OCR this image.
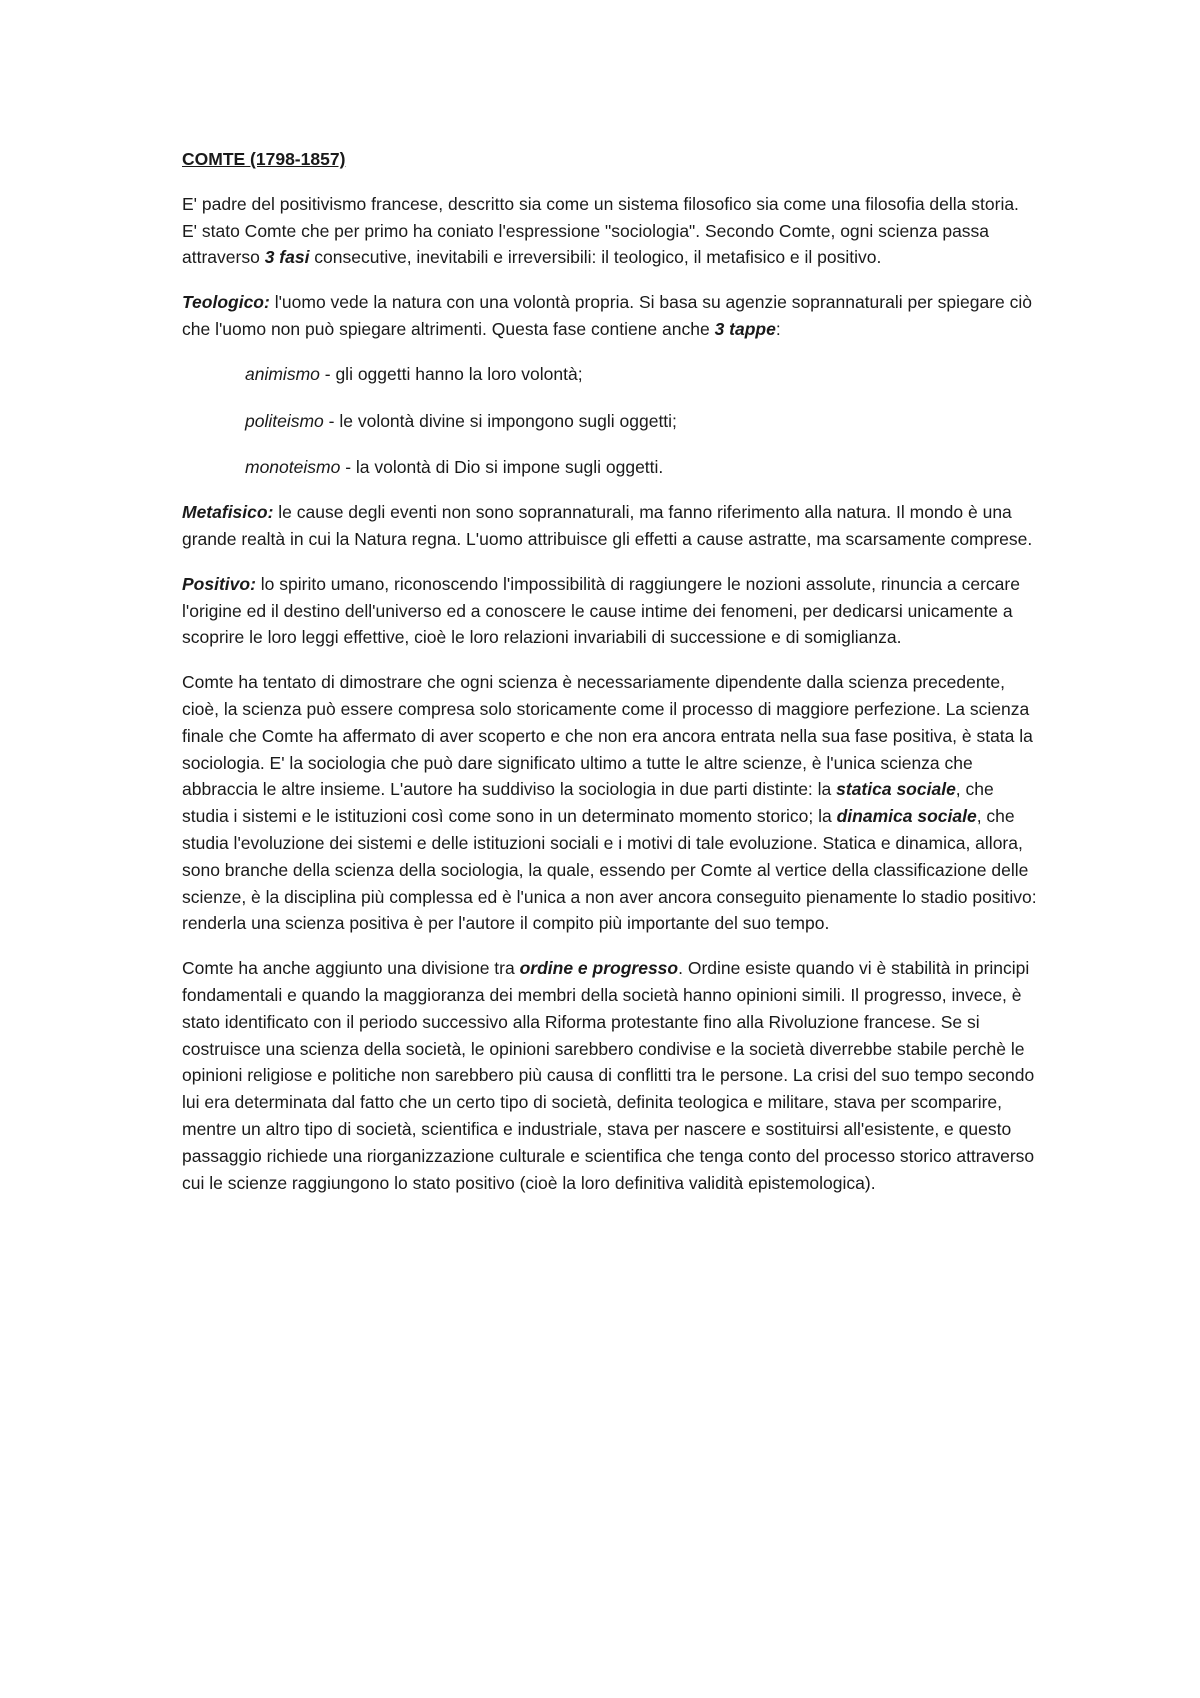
COMTE (1798-1857)

E' padre del positivismo francese, descritto sia come un sistema filosofico sia come una filosofia della storia. E' stato Comte che per primo ha coniato l'espressione "sociologia". Secondo Comte, ogni scienza passa attraverso 3 fasi consecutive, inevitabili e irreversibili: il teologico, il metafisico e il positivo.

Teologico: l'uomo vede la natura con una volontà propria. Si basa su agenzie soprannaturali per spiegare ciò che l'uomo non può spiegare altrimenti. Questa fase contiene anche 3 tappe:

animismo - gli oggetti hanno la loro volontà;

politeismo - le volontà divine si impongono sugli oggetti;

monoteismo - la volontà di Dio si impone sugli oggetti.

Metafisico: le cause degli eventi non sono soprannaturali, ma fanno riferimento alla natura. Il mondo è una grande realtà in cui la Natura regna. L'uomo attribuisce gli effetti a cause astratte, ma scarsamente comprese.

Positivo: lo spirito umano, riconoscendo l'impossibilità di raggiungere le nozioni assolute, rinuncia a cercare l'origine ed il destino dell'universo ed a conoscere le cause intime dei fenomeni, per dedicarsi unicamente a scoprire le loro leggi effettive, cioè le loro relazioni invariabili di successione e di somiglianza.

Comte ha tentato di dimostrare che ogni scienza è necessariamente dipendente dalla scienza precedente, cioè, la scienza può essere compresa solo storicamente come il processo di maggiore perfezione. La scienza finale che Comte ha affermato di aver scoperto e che non era ancora entrata nella sua fase positiva, è stata la sociologia. E' la sociologia che può dare significato ultimo a tutte le altre scienze, è l'unica scienza che abbraccia le altre insieme. L'autore ha suddiviso la sociologia in due parti distinte: la statica sociale, che studia i sistemi e le istituzioni così come sono in un determinato momento storico; la dinamica sociale, che studia l'evoluzione dei sistemi e delle istituzioni sociali e i motivi di tale evoluzione. Statica e dinamica, allora, sono branche della scienza della sociologia, la quale, essendo per Comte al vertice della classificazione delle scienze, è la disciplina più complessa ed è l'unica a non aver ancora conseguito pienamente lo stadio positivo: renderla una scienza positiva è per l'autore il compito più importante del suo tempo.

Comte ha anche aggiunto una divisione tra ordine e progresso. Ordine esiste quando vi è stabilità in principi fondamentali e quando la maggioranza dei membri della società hanno opinioni simili. Il progresso, invece, è stato identificato con il periodo successivo alla Riforma protestante fino alla Rivoluzione francese. Se si costruisce una scienza della società, le opinioni sarebbero condivise e la società diverrebbe stabile perchè le opinioni religiose e politiche non sarebbero più causa di conflitti tra le persone. La crisi del suo tempo secondo lui era determinata dal fatto che un certo tipo di società, definita teologica e militare, stava per scomparire, mentre un altro tipo di società, scientifica e industriale, stava per nascere e sostituirsi all'esistente, e questo passaggio richiede una riorganizzazione culturale e scientifica che tenga conto del processo storico attraverso cui le scienze raggiungono lo stato positivo (cioè la loro definitiva validità epistemologica).
